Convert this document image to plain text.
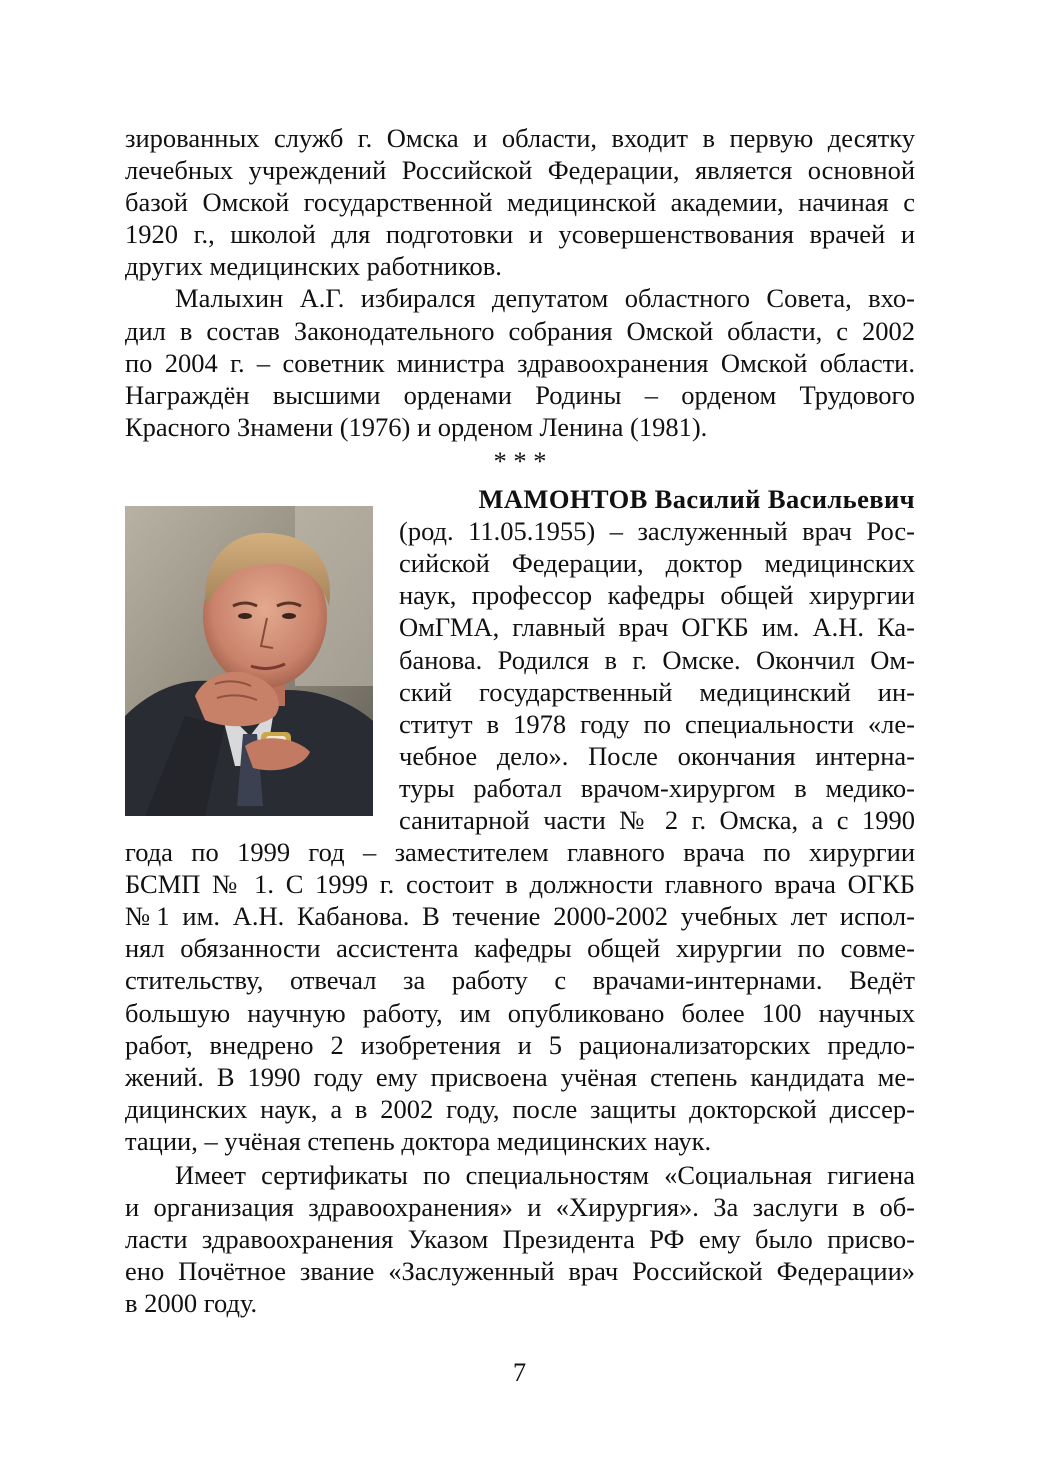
зированных служб г. Омска и области, входит в первую десятку
лечебных учреждений Российской Федерации, является основной
базой Омской государственной медицинской академии, начиная с
1920 г., школой для подготовки и усовершенствования врачей и
других медицинских работников.
Малыхин А.Г. избирался депутатом областного Совета, вхо-
дил в состав Законодательного собрания Омской области, с 2002
по 2004 г. – советник министра здравоохранения Омской области.
Награждён высшими орденами Родины – орденом Трудового
Красного Знамени (1976) и орденом Ленина (1981).
* * *
МАМОНТОВ Василий Васильевич
(род. 11.05.1955) – заслуженный врач Рос-
сийской Федерации, доктор медицинских
наук, профессор кафедры общей хирургии
ОмГМА, главный врач ОГКБ им. А.Н. Ка-
банова. Родился в г. Омске. Окончил Ом-
ский государственный медицинский ин-
ститут в 1978 году по специальности «ле-
чебное дело». После окончания интерна-
туры работал врачом-хирургом в медико-
санитарной части № 2 г. Омска, а с 1990
года по 1999 год – заместителем главного врача по хирургии
БСМП № 1. С 1999 г. состоит в должности главного врача ОГКБ
№1 им. А.Н. Кабанова. В течение 2000-2002 учебных лет испол-
нял обязанности ассистента кафедры общей хирургии по совме-
стительству, отвечал за работу с врачами-интернами. Ведёт
большую научную работу, им опубликовано более 100 научных
работ, внедрено 2 изобретения и 5 рационализаторских предло-
жений. В 1990 году ему присвоена учёная степень кандидата ме-
дицинских наук, а в 2002 году, после защиты докторской диссер-
тации, – учёная степень доктора медицинских наук.
Имеет сертификаты по специальностям «Социальная гигиена
и организация здравоохранения» и «Хирургия». За заслуги в об-
ласти здравоохранения Указом Президента РФ ему было присво-
ено Почётное звание «Заслуженный врач Российской Федерации»
в 2000 году.
7
